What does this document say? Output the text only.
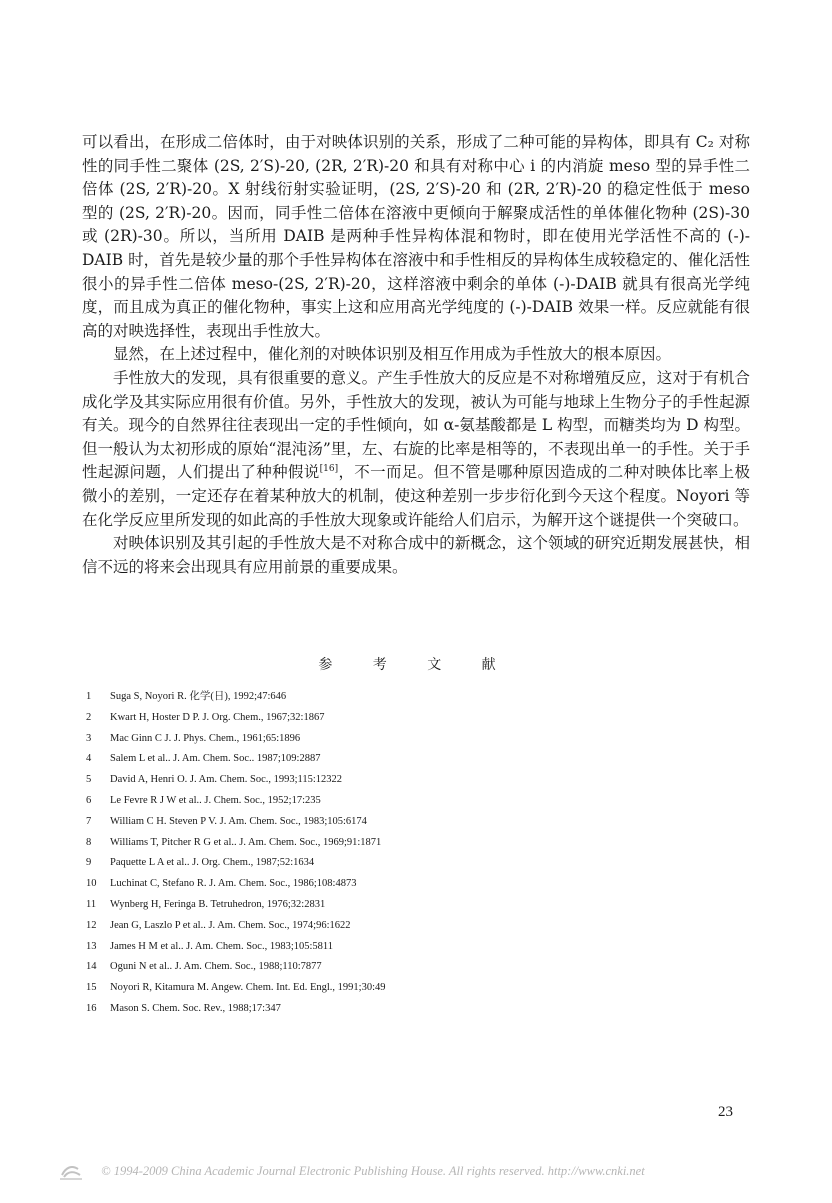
可以看出，在形成二倍体时，由于对映体识别的关系，形成了二种可能的异构体，即具有 C₂ 对称性的同手性二聚体 (2S, 2′S)-20, (2R, 2′R)-20 和具有对称中心 i 的内消旋 meso 型的异手性二倍体 (2S, 2′R)-20。X 射线衍射实验证明，(2S, 2′S)-20 和 (2R, 2′R)-20 的稳定性低于 meso 型的 (2S, 2′R)-20。因而，同手性二倍体在溶液中更倾向于解聚成活性的单体催化物种 (2S)-30 或 (2R)-30。所以，当所用 DAIB 是两种手性异构体混和物时，即在使用光学活性不高的 (-)-DAIB 时，首先是较少量的那个手性异构体在溶液中和手性相反的异构体生成较稳定的、催化活性很小的异手性二倍体 meso-(2S, 2′R)-20，这样溶液中剩余的单体 (-)-DAIB 就具有很高光学纯度，而且成为真正的催化物种，事实上这和应用高光学纯度的 (-)-DAIB 效果一样。反应就能有很高的对映选择性，表现出手性放大。

显然，在上述过程中，催化剂的对映体识别及相互作用成为手性放大的根本原因。

手性放大的发现，具有很重要的意义。产生手性放大的反应是不对称增殖反应，这对于有机合成化学及其实际应用很有价值。另外，手性放大的发现，被认为可能与地球上生物分子的手性起源有关。现今的自然界往往表现出一定的手性倾向，如 α-氨基酸都是 L 构型，而糖类均为 D 构型。但一般认为太初形成的原始“混沌汤”里，左、右旋的比率是相等的，不表现出单一的手性。关于手性起源问题，人们提出了种种假说[16]，不一而足。但不管是哪种原因造成的二种对映体比率上极微小的差别，一定还存在着某种放大的机制，使这种差别一步步衍化到今天这个程度。Noyori 等在化学反应里所发现的如此高的手性放大现象或许能给人们启示，为解开这个谜提供一个突破口。

对映体识别及其引起的手性放大是不对称合成中的新概念，这个领域的研究近期发展甚快，相信不远的将来会出现具有应用前景的重要成果。

参 考 文 献
1 Suga S, Noyori R. 化学(日), 1992;47:646
2 Kwart H, Hoster D P. J. Org. Chem., 1967;32:1867
3 Mac Ginn C J. J. Phys. Chem., 1961;65:1896
4 Salem L et al.. J. Am. Chem. Soc.. 1987;109:2887
5 David A, Henri O. J. Am. Chem. Soc., 1993;115:12322
6 Le Fevre R J W et al.. J. Chem. Soc., 1952;17:235
7 William C H. Steven P V. J. Am. Chem. Soc., 1983;105:6174
8 Williams T, Pitcher R G et al.. J. Am. Chem. Soc., 1969;91:1871
9 Paquette L A et al.. J. Org. Chem., 1987;52:1634
10 Luchinat C, Stefano R. J. Am. Chem. Soc., 1986;108:4873
11 Wynberg H, Feringa B. Tetruhedron, 1976;32:2831
12 Jean G, Laszlo P et al.. J. Am. Chem. Soc., 1974;96:1622
13 James H M et al.. J. Am. Chem. Soc., 1983;105:5811
14 Oguni N et al.. J. Am. Chem. Soc., 1988;110:7877
15 Noyori R, Kitamura M. Angew. Chem. Int. Ed. Engl., 1991;30:49
16 Mason S. Chem. Soc. Rev., 1988;17:347
23
© 1994-2009 China Academic Journal Electronic Publishing House. All rights reserved. http://www.cnki.net
